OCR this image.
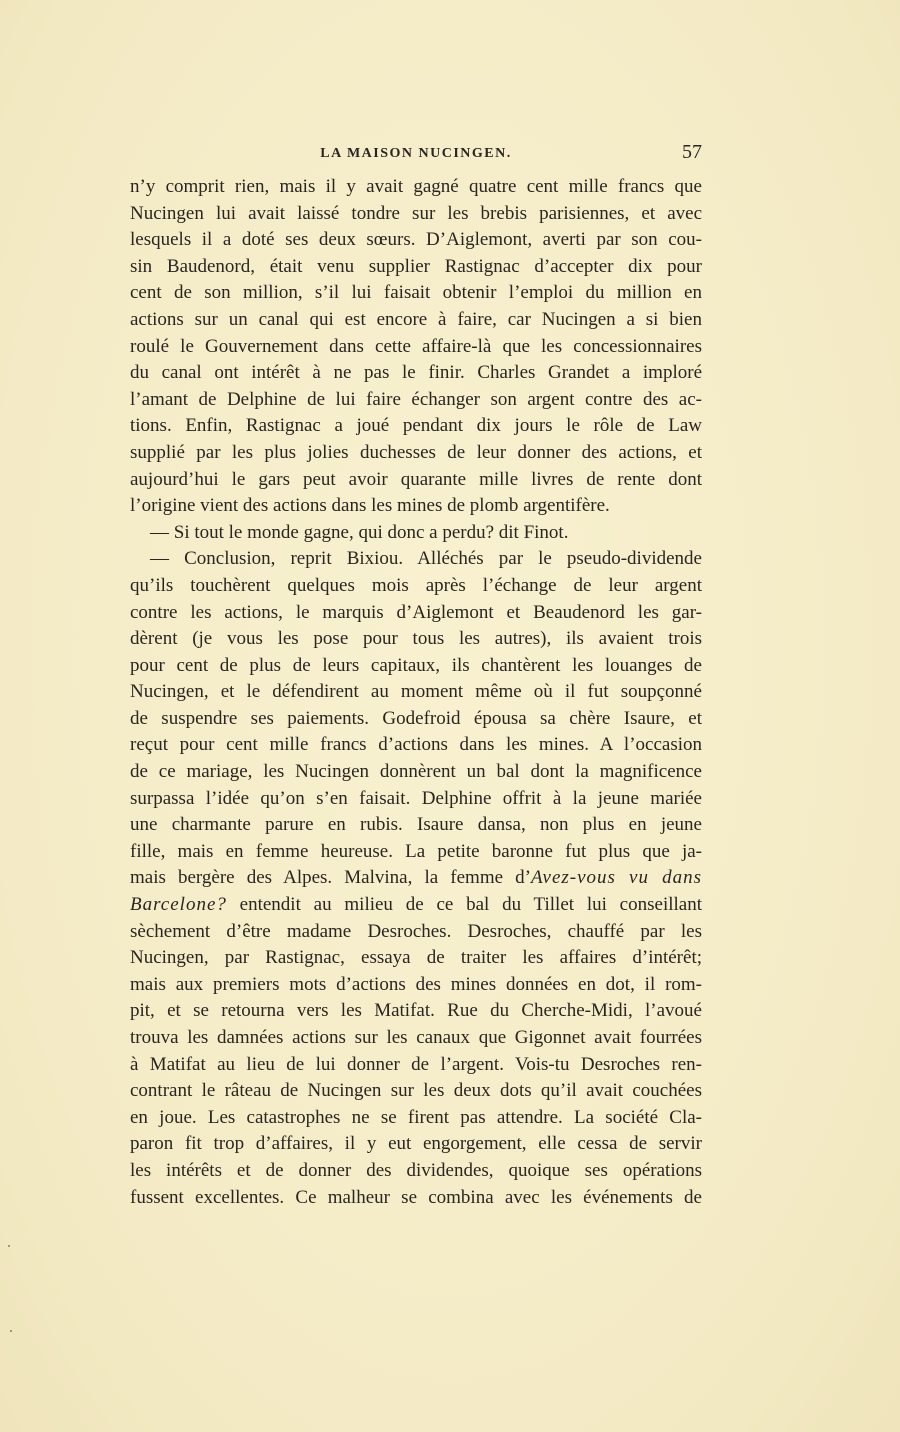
LA MAISON NUCINGEN.	57
n’y comprit rien, mais il y avait gagné quatre cent mille francs que
Nucingen lui avait laissé tondre sur les brebis parisiennes, et avec
lesquels il a doté ses deux sœurs. D’Aiglemont, averti par son cou-
sin Baudenord, était venu supplier Rastignac d’accepter dix pour
cent de son million, s’il lui faisait obtenir l’emploi du million en
actions sur un canal qui est encore à faire, car Nucingen a si bien
roulé le Gouvernement dans cette affaire-là que les concessionnaires
du canal ont intérêt à ne pas le finir. Charles Grandet a imploré
l’amant de Delphine de lui faire échanger son argent contre des ac-
tions. Enfin, Rastignac a joué pendant dix jours le rôle de Law
supplié par les plus jolies duchesses de leur donner des actions, et
aujourd’hui le gars peut avoir quarante mille livres de rente dont
l’origine vient des actions dans les mines de plomb argentifère.
— Si tout le monde gagne, qui donc a perdu? dit Finot.
— Conclusion, reprit Bixiou. Alléchés par le pseudo-dividende
qu’ils touchèrent quelques mois après l’échange de leur argent
contre les actions, le marquis d’Aiglemont et Beaudenord les gar-
dèrent (je vous les pose pour tous les autres), ils avaient trois
pour cent de plus de leurs capitaux, ils chantèrent les louanges de
Nucingen, et le défendirent au moment même où il fut soupçonné
de suspendre ses paiements. Godefroid épousa sa chère Isaure, et
reçut pour cent mille francs d’actions dans les mines. A l’occasion
de ce mariage, les Nucingen donnèrent un bal dont la magnificence
surpassa l’idée qu’on s’en faisait. Delphine offrit à la jeune mariée
une charmante parure en rubis. Isaure dansa, non plus en jeune
fille, mais en femme heureuse. La petite baronne fut plus que ja-
mais bergère des Alpes. Malvina, la femme d’Avez-vous vu dans
Barcelone? entendit au milieu de ce bal du Tillet lui conseillant
sèchement d’être madame Desroches. Desroches, chauffé par les
Nucingen, par Rastignac, essaya de traiter les affaires d’intérêt;
mais aux premiers mots d’actions des mines données en dot, il rom-
pit, et se retourna vers les Matifat. Rue du Cherche-Midi, l’avoué
trouva les damnées actions sur les canaux que Gigonnet avait fourrées
à Matifat au lieu de lui donner de l’argent. Vois-tu Desroches ren-
contrant le râteau de Nucingen sur les deux dots qu’il avait couchées
en joue. Les catastrophes ne se firent pas attendre. La société Cla-
paron fit trop d’affaires, il y eut engorgement, elle cessa de servir
les intérêts et de donner des dividendes, quoique ses opérations
fussent excellentes. Ce malheur se combina avec les événements de
